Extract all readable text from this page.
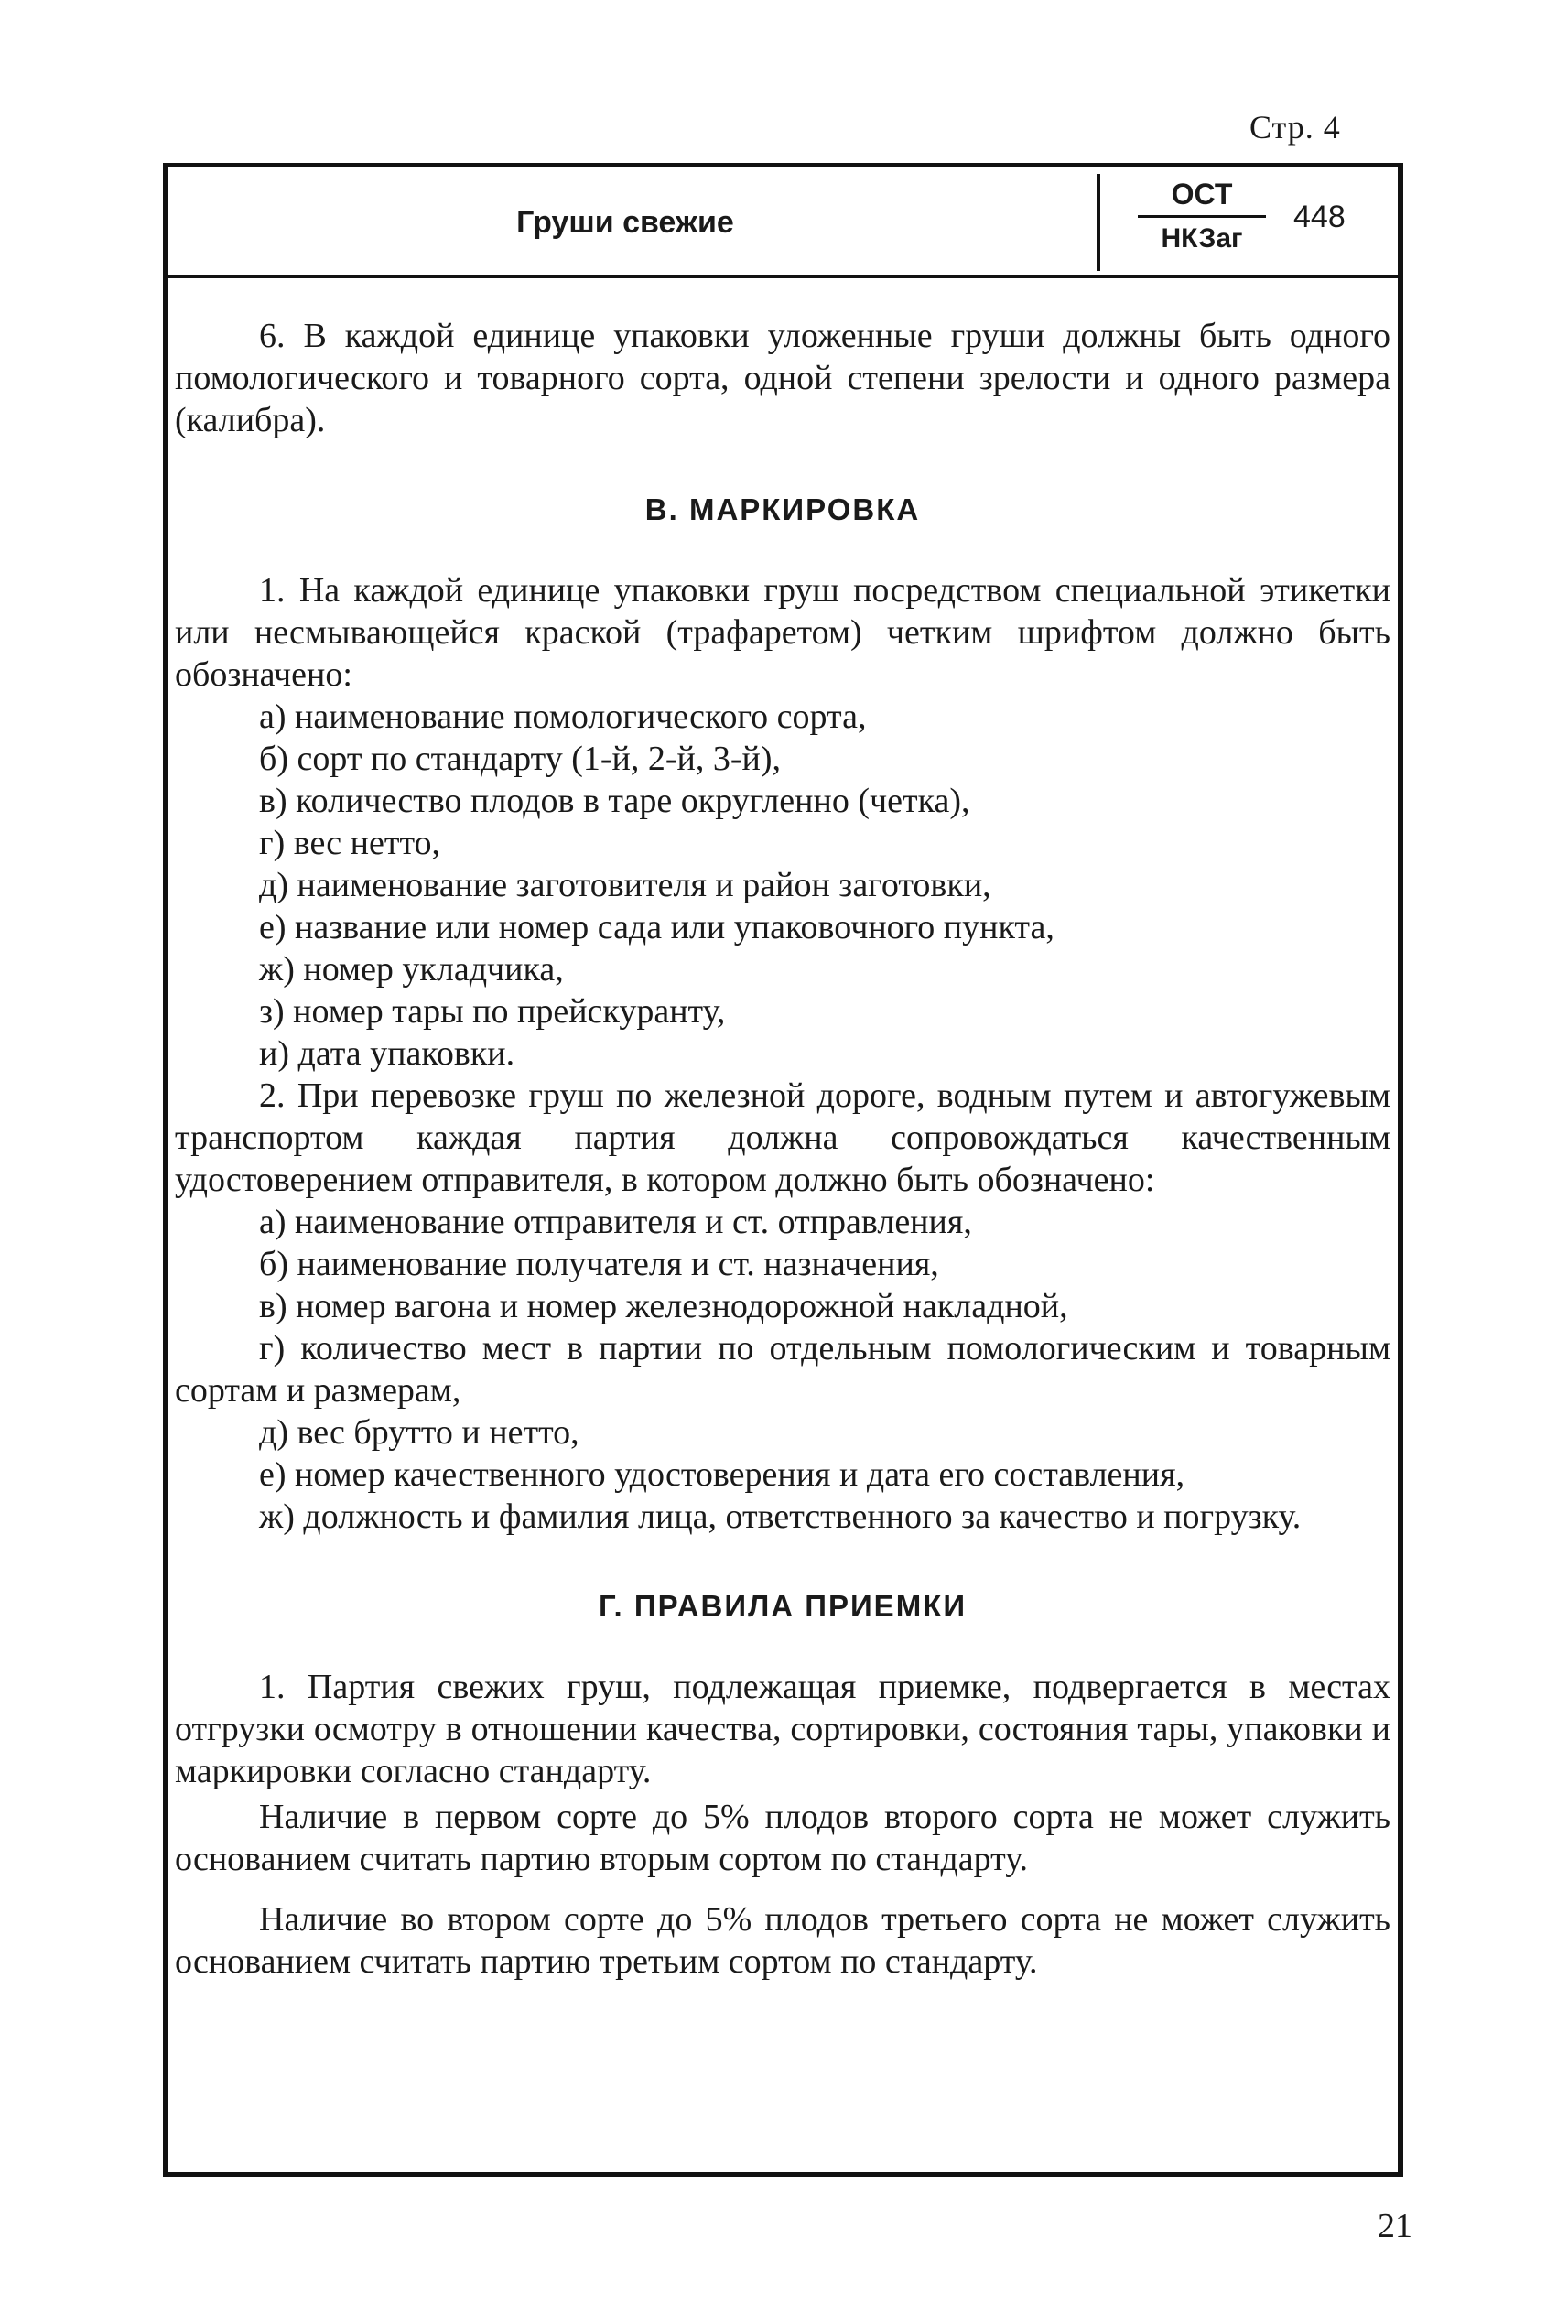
Стр. 4
Груши свежие
ОСТ
НКЗаг
448

6. В каждой единице упаковки уложенные груши должны быть одного помологического и товарного сорта, одной степени зрелости и одного размера (калибра).

В. МАРКИРОВКА

1. На каждой единице упаковки груш посредством специальной этикетки или несмывающейся краской (трафаретом) четким шрифтом должно быть обозначено:

а) наименование помологического сорта,

б) сорт по стандарту (1-й, 2-й, 3-й),

в) количество плодов в таре округленно (четка),

г) вес нетто,

д) наименование заготовителя и район заготовки,

е) название или номер сада или упаковочного пункта,

ж) номер укладчика,

з) номер тары по прейскуранту,

и) дата упаковки.

2. При перевозке груш по железной дороге, водным путем и автогужевым транспортом каждая партия должна сопровождаться качественным удостоверением отправителя, в котором должно быть обозначено:

а) наименование отправителя и ст. отправления,

б) наименование получателя и ст. назначения,

в) номер вагона и номер железнодорожной накладной,

г) количество мест в партии по отдельным помологическим и товарным сортам и размерам,

д) вес брутто и нетто,

е) номер качественного удостоверения и дата его составления,

ж) должность и фамилия лица, ответственного за качество и погрузку.

Г. ПРАВИЛА ПРИЕМКИ

1. Партия свежих груш, подлежащая приемке, подвергается в местах отгрузки осмотру в отношении качества, сортировки, состояния тары, упаковки и маркировки согласно стандарту.

Наличие в первом сорте до 5% плодов второго сорта не может служить основанием считать партию вторым сортом по стандарту.

Наличие во втором сорте до 5% плодов третьего сорта не может служить основанием считать партию третьим сортом по стандарту.

21
